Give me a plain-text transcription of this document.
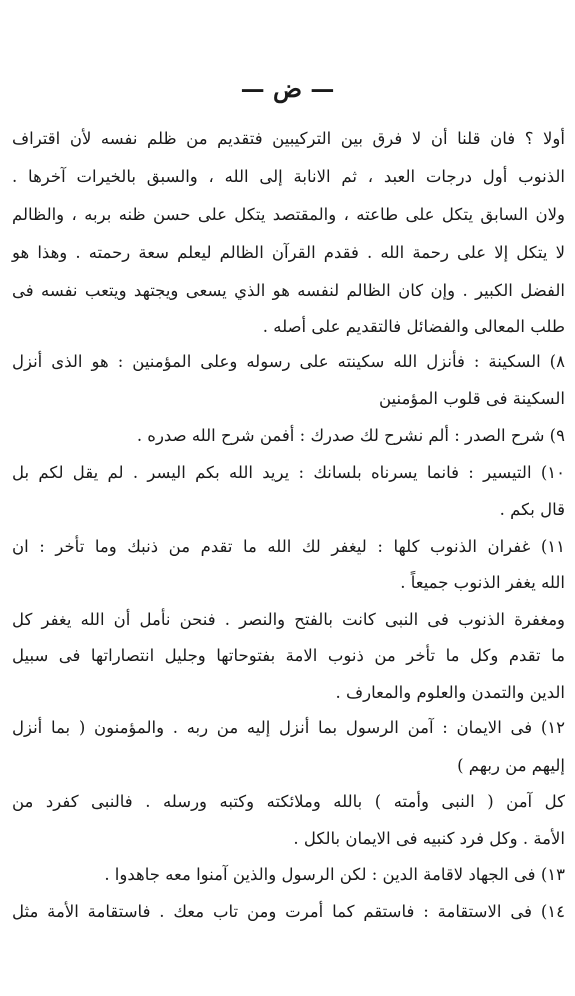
— ض —
أولا ؟ فان قلنا أن لا فرق بين التركيبين فتقديم من ظلم نفسه لأن اقتراف
الذنوب أول درجات العبد ، ثم الانابة إلى الله ، والسبق بالخيرات آخرها .
ولان السابق يتكل على طاعته ، والمقتصد يتكل على حسن ظنه بربه ، والظالم
لا يتكل إلا على رحمة الله . فقدم القرآن الظالم ليعلم سعة رحمته . وهذا هو
الفضل الكبير . وإن كان الظالم لنفسه هو الذي يسعى ويجتهد ويتعب نفسه فى
طلب المعالى والفضائل فالتقديم على أصله .
٨) السكينة : فأنزل الله سكينته على رسوله وعلى المؤمنين : هو الذى أنزل
السكينة فى قلوب المؤمنين
٩) شرح الصدر : ألم نشرح لك صدرك : أفمن شرح الله صدره .
١٠) التيسير : فانما يسرناه بلسانك : يريد الله بكم اليسر . لم يقل لكم بل
قال بكم .
١١) غفران الذنوب كلها : ليغفر لك الله ما تقدم من ذنبك وما تأخر : ان
الله يغفر الذنوب جميعاً .
ومغفرة الذنوب فى النبى كانت بالفتح والنصر . فنحن نأمل أن الله يغفر كل
ما تقدم وكل ما تأخر من ذنوب الامة بفتوحاتها وجليل انتصاراتها فى سبيل
الدين والتمدن والعلوم والمعارف .
١٢) فى الايمان : آمن الرسول بما أنزل إليه من ربه . والمؤمنون ( بما أنزل
إليهم من ربهم )
كل آمن ( النبى وأمته ) بالله وملائكته وكتبه ورسله . فالنبى كفرد من
الأمة . وكل فرد كنبيه فى الايمان بالكل .
١٣) فى الجهاد لاقامة الدين : لكن الرسول والذين آمنوا معه جاهدوا .
١٤) فى الاستقامة : فاستقم كما أمرت ومن تاب معك . فاستقامة الأمة مثل
